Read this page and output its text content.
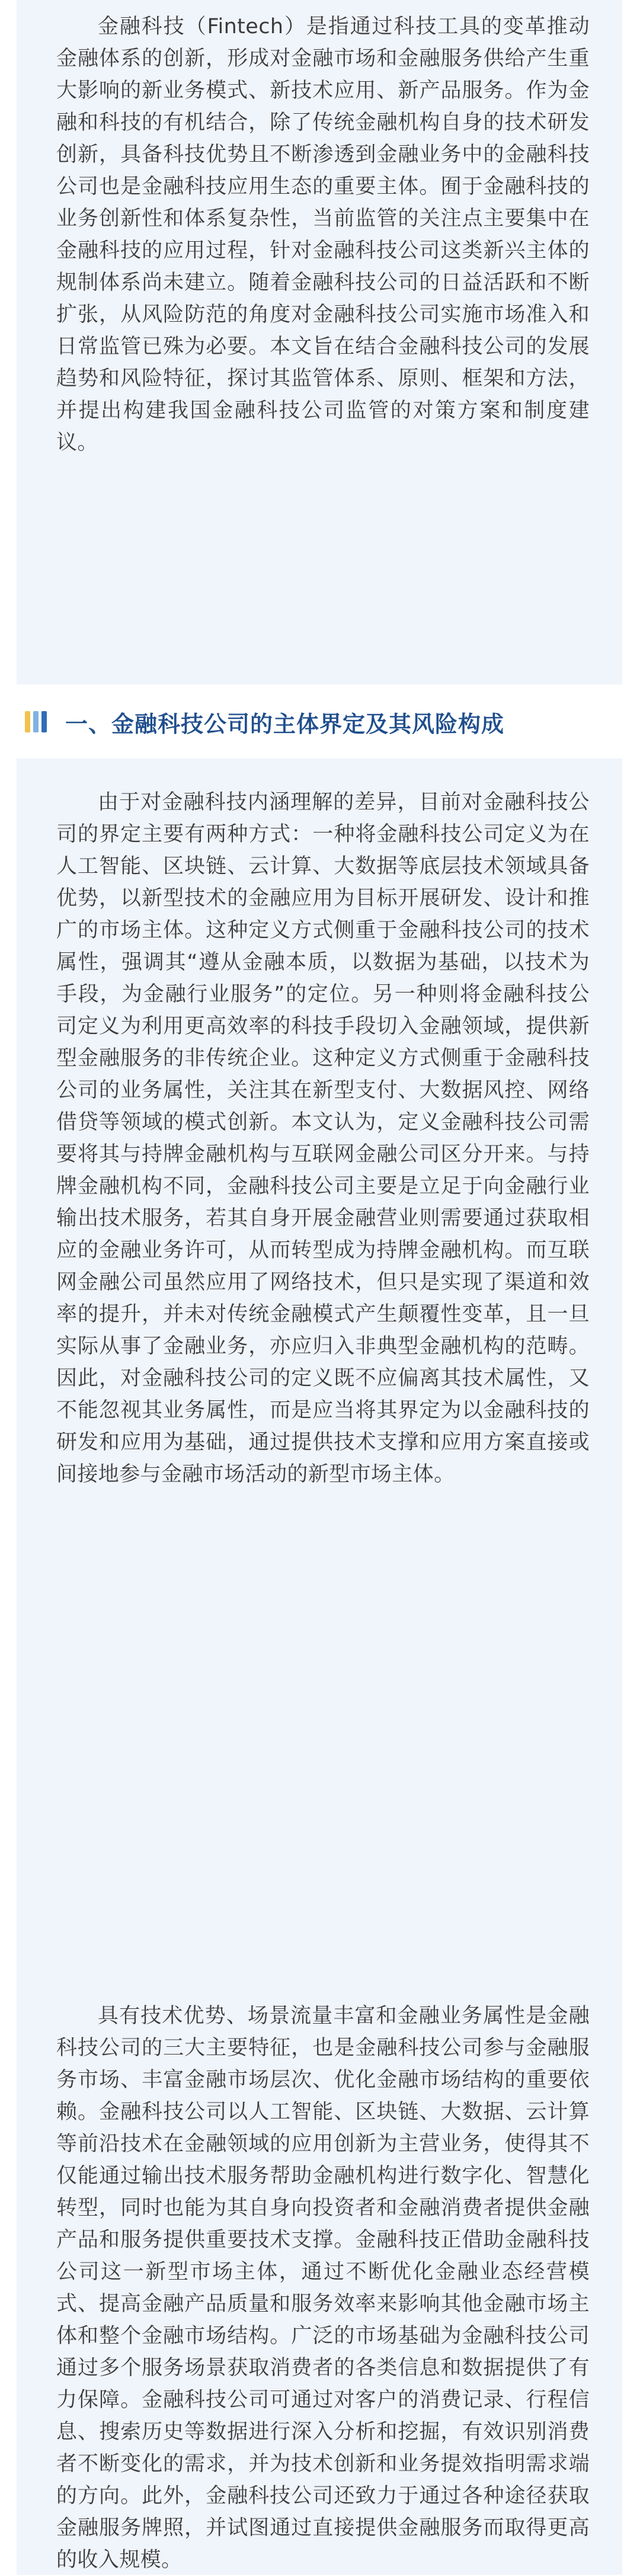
金融科技（Fintech）是指通过科技工具的变革推动金融体系的创新，形成对金融市场和金融服务供给产生重大影响的新业务模式、新技术应用、新产品服务。作为金融和科技的有机结合，除了传统金融机构自身的技术研发创新，具备科技优势且不断渗透到金融业务中的金融科技公司也是金融科技应用生态的重要主体。囿于金融科技的业务创新性和体系复杂性，当前监管的关注点主要集中在金融科技的应用过程，针对金融科技公司这类新兴主体的规制体系尚未建立。随着金融科技公司的日益活跃和不断扩张，从风险防范的角度对金融科技公司实施市场准入和日常监管已殊为必要。本文旨在结合金融科技公司的发展趋势和风险特征，探讨其监管体系、原则、框架和方法，并提出构建我国金融科技公司监管的对策方案和制度建议。

一、金融科技公司的主体界定及其风险构成

由于对金融科技内涵理解的差异，目前对金融科技公司的界定主要有两种方式：一种将金融科技公司定义为在人工智能、区块链、云计算、大数据等底层技术领域具备优势，以新型技术的金融应用为目标开展研发、设计和推广的市场主体。这种定义方式侧重于金融科技公司的技术属性，强调其“遵从金融本质，以数据为基础，以技术为手段，为金融行业服务”的定位。另一种则将金融科技公司定义为利用更高效率的科技手段切入金融领域，提供新型金融服务的非传统企业。这种定义方式侧重于金融科技公司的业务属性，关注其在新型支付、大数据风控、网络借贷等领域的模式创新。本文认为，定义金融科技公司需要将其与持牌金融机构与互联网金融公司区分开来。与持牌金融机构不同，金融科技公司主要是立足于向金融行业输出技术服务，若其自身开展金融营业则需要通过获取相应的金融业务许可，从而转型成为持牌金融机构。而互联网金融公司虽然应用了网络技术，但只是实现了渠道和效率的提升，并未对传统金融模式产生颠覆性变革，且一旦实际从事了金融业务，亦应归入非典型金融机构的范畴。因此，对金融科技公司的定义既不应偏离其技术属性，又不能忽视其业务属性，而是应当将其界定为以金融科技的研发和应用为基础，通过提供技术支撑和应用方案直接或间接地参与金融市场活动的新型市场主体。

具有技术优势、场景流量丰富和金融业务属性是金融科技公司的三大主要特征，也是金融科技公司参与金融服务市场、丰富金融市场层次、优化金融市场结构的重要依赖。金融科技公司以人工智能、区块链、大数据、云计算等前沿技术在金融领域的应用创新为主营业务，使得其不仅能通过输出技术服务帮助金融机构进行数字化、智慧化转型，同时也能为其自身向投资者和金融消费者提供金融产品和服务提供重要技术支撑。金融科技正借助金融科技公司这一新型市场主体，通过不断优化金融业态经营模式、提高金融产品质量和服务效率来影响其他金融市场主体和整个金融市场结构。广泛的市场基础为金融科技公司通过多个服务场景获取消费者的各类信息和数据提供了有力保障。金融科技公司可通过对客户的消费记录、行程信息、搜索历史等数据进行深入分析和挖掘，有效识别消费者不断变化的需求，并为技术创新和业务提效指明需求端的方向。此外，金融科技公司还致力于通过各种途径获取金融服务牌照，并试图通过直接提供金融服务而取得更高的收入规模。
